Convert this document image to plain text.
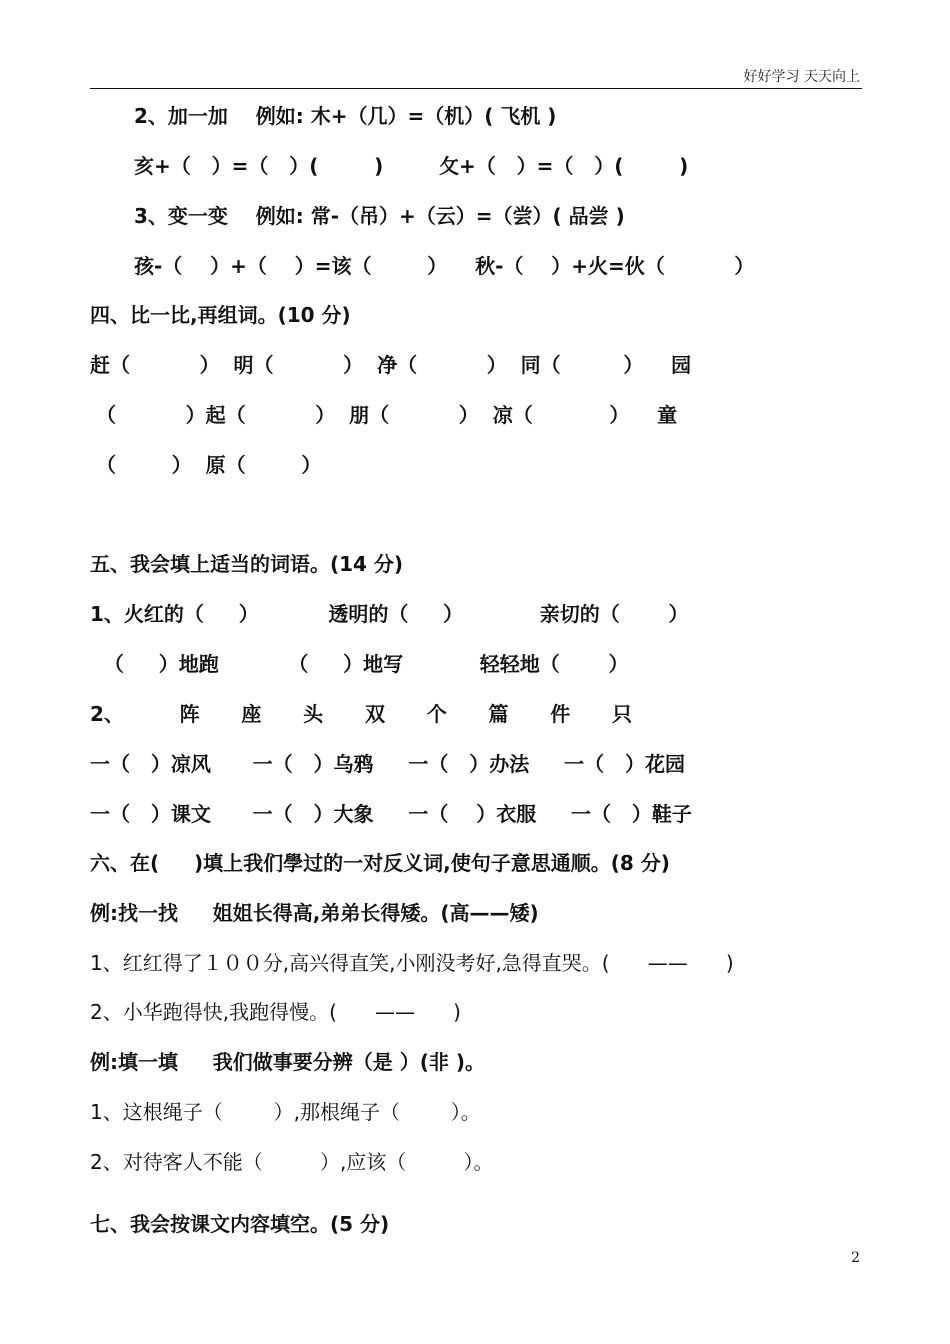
好好学习 天天向上
2、加一加    例如: 木+（几）=（机）( 飞机 )
亥+（   ）=（   ）(        )        攵+（   ）=（   ）(        )
3、变一变    例如: 常-（吊）+（云）=（尝）( 品尝 )
孩-（    ）+（    ）=该（        ）    秋-（    ）+火=伙（          ）
四、比一比,再组词。(10 分)
赶（          ）  明（          ）  净（          ）  同（         ）    园
（          ）起（          ）  朋（          ）  凉（           ）    童
（        ）  原（        ）
五、我会填上适当的词语。(14 分)
1、火红的（     ）          透明的（     ）           亲切的（       ）
（     ）地跑          （     ）地写           轻轻地（       ）
2、        阵      座      头      双      个      篇      件      只
一（   ）凉风      一（   ）乌鸦     一（   ）办法     一（   ）花园
一（   ）课文      一（   ）大象     一（    ）衣服     一（   ）鞋子
六、在(     )填上我们學过的一对反义词,使句子意思通顺。(8 分)
例:找一找     姐姐长得高,弟弟长得矮。(高——矮)
1、红红得了１００分,高兴得直笑,小刚没考好,急得直哭。(      ——      )
2、小华跑得快,我跑得慢。(      ——      )
例:填一填     我们做事要分辨（是 ）(非 )。
1、这根绳子（        ）,那根绳子（        ）。
2、对待客人不能（         ）,应该（         ）。
七、我会按课文内容填空。(5 分)
2
